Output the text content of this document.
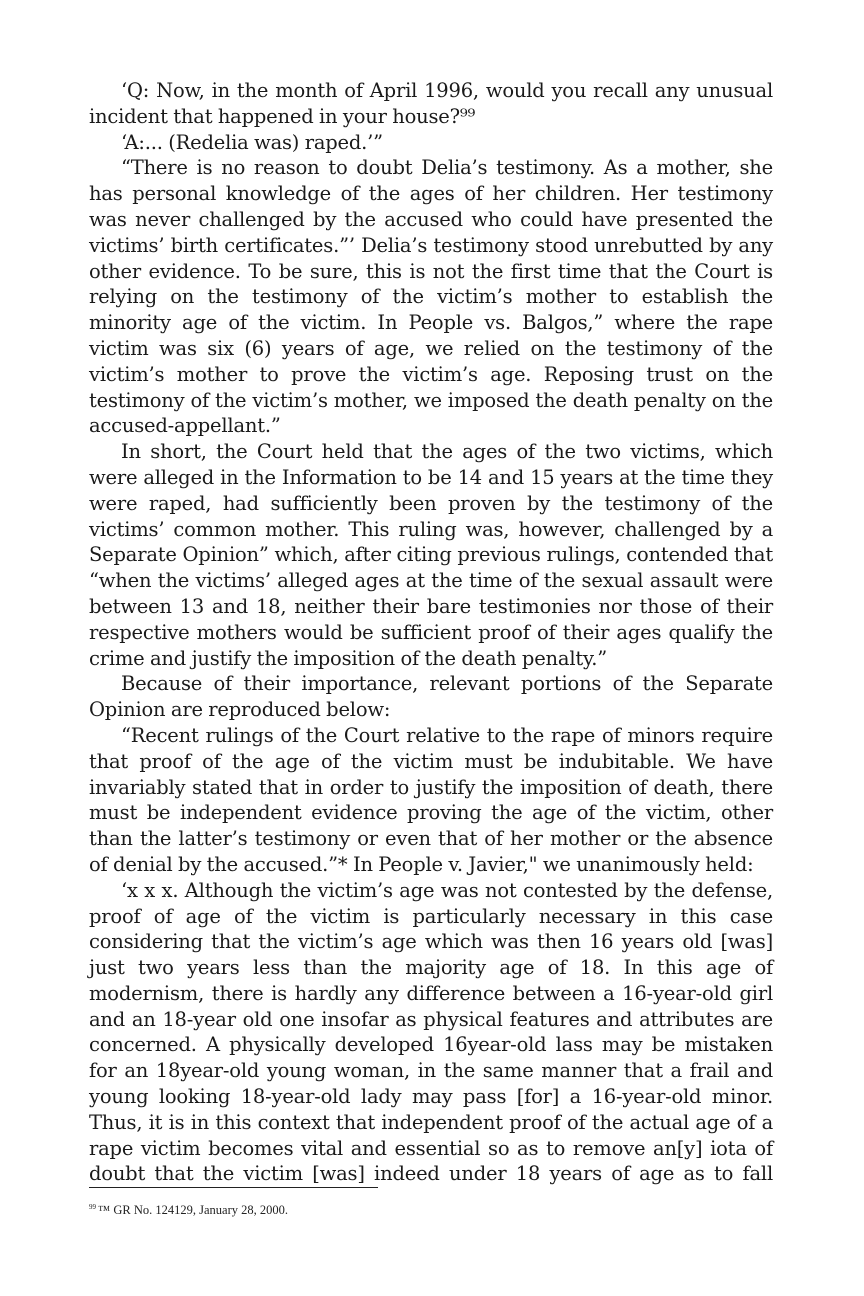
‘Q: Now, in the month of April 1996, would you recall any unusual incident that happened in your house?⁹⁹

‘A:... (Redelia was) raped.’”

“There is no reason to doubt Delia’s testimony. As a mother, she has personal knowledge of the ages of her children. Her testimony was never challenged by the accused who could have presented the victims’ birth certificates.”’ Delia’s testimony stood unrebutted by any other evidence. To be sure, this is not the first time that the Court is relying on the testimony of the victim’s mother to establish the minority age of the victim. In People vs. Balgos,” where the rape victim was six (6) years of age, we relied on the testimony of the victim’s mother to prove the victim’s age. Reposing trust on the testimony of the victim’s mother, we imposed the death penalty on the accused-appellant.”

In short, the Court held that the ages of the two victims, which were alleged in the Information to be 14 and 15 years at the time they were raped, had sufficiently been proven by the testimony of the victims’ common mother. This ruling was, however, challenged by a Separate Opinion” which, after citing previous rulings, contended that “when the victims’ alleged ages at the time of the sexual assault were between 13 and 18, neither their bare testimonies nor those of their respective mothers would be sufficient proof of their ages qualify the crime and justify the imposition of the death penalty.”

Because of their importance, relevant portions of the Separate Opinion are reproduced below:

“Recent rulings of the Court relative to the rape of minors require that proof of the age of the victim must be indubitable. We have invariably stated that in order to justify the imposition of death, there must be independent evidence proving the age of the victim, other than the latter’s testimony or even that of her mother or the absence of denial by the accused.”* In People v. Javier," we unanimously held:

‘x x x. Although the victim’s age was not contested by the defense, proof of age of the victim is particularly necessary in this case considering that the victim’s age which was then 16 years old [was] just two years less than the majority age of 18. In this age of modernism, there is hardly any difference between a 16-year-old girl and an 18-year old one insofar as physical features and attributes are concerned. A physically developed 16year-old lass may be mistaken for an 18year-old young woman, in the same manner that a frail and young looking 18-year-old lady may pass [for] a 16-year-old minor. Thus, it is in this context that independent proof of the actual age of a rape victim becomes vital and essential so as to remove an[y] iota of doubt that the victim [was] indeed under 18 years of age as to fall

$^{99}$ ™ GR No. 124129, January 28, 2000.
